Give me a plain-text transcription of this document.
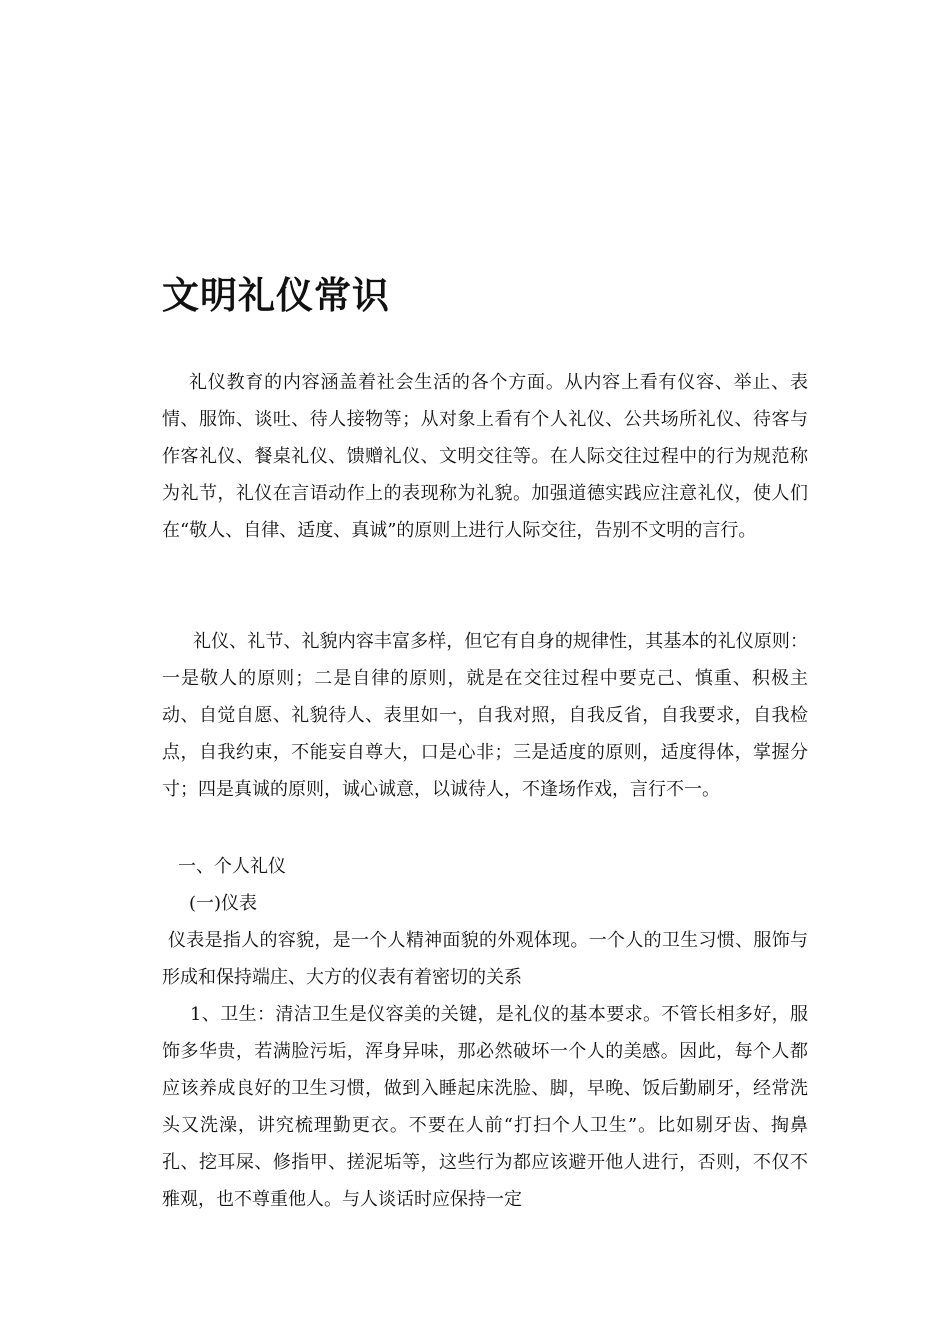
文明礼仪常识

礼仪教育的内容涵盖着社会生活的各个方面。从内容上看有仪容、举止、表情、服饰、谈吐、待人接物等；从对象上看有个人礼仪、公共场所礼仪、待客与作客礼仪、餐桌礼仪、馈赠礼仪、文明交往等。在人际交往过程中的行为规范称为礼节，礼仪在言语动作上的表现称为礼貌。加强道德实践应注意礼仪，使人们在“敬人、自律、适度、真诚”的原则上进行人际交往，告别不文明的言行。

礼仪、礼节、礼貌内容丰富多样，但它有自身的规律性，其基本的礼仪原则：一是敬人的原则；二是自律的原则，就是在交往过程中要克己、慎重、积极主动、自觉自愿、礼貌待人、表里如一，自我对照，自我反省，自我要求，自我检点，自我约束，不能妄自尊大，口是心非；三是适度的原则，适度得体，掌握分寸；四是真诚的原则，诚心诚意，以诚待人，不逢场作戏，言行不一。

一、个人礼仪

(一)仪表

仪表是指人的容貌，是一个人精神面貌的外观体现。一个人的卫生习惯、服饰与形成和保持端庄、大方的仪表有着密切的关系

1、卫生：清洁卫生是仪容美的关键，是礼仪的基本要求。不管长相多好，服饰多华贵，若满脸污垢，浑身异味，那必然破坏一个人的美感。因此，每个人都应该养成良好的卫生习惯，做到入睡起床洗脸、脚，早晚、饭后勤刷牙，经常洗头又洗澡，讲究梳理勤更衣。不要在人前“打扫个人卫生”。比如剔牙齿、掏鼻孔、挖耳屎、修指甲、搓泥垢等，这些行为都应该避开他人进行，否则，不仅不雅观，也不尊重他人。与人谈话时应保持一定
